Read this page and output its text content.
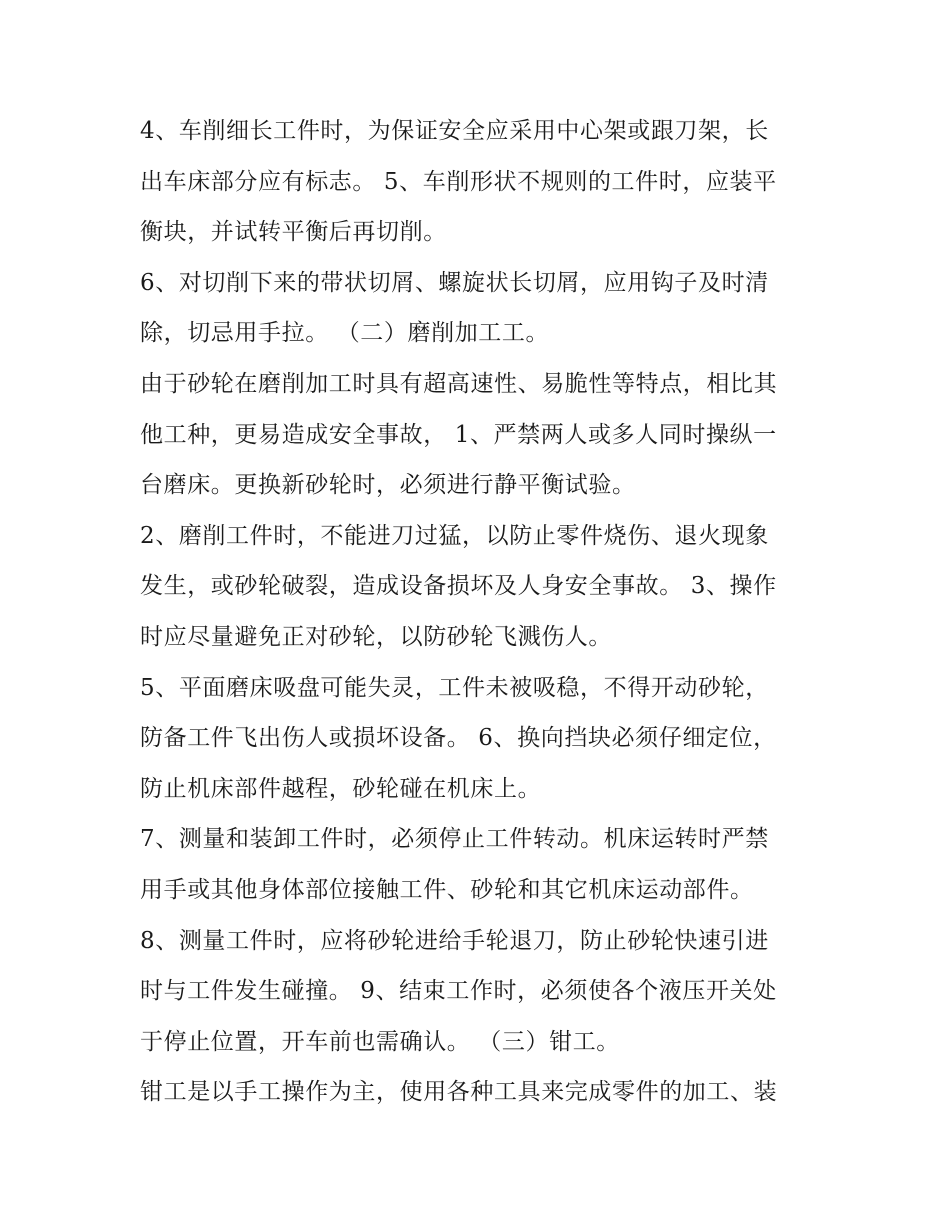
4、车削细长工件时，为保证安全应采用中心架或跟刀架，长
出车床部分应有标志。 5、车削形状不规则的工件时，应装平
衡块，并试转平衡后再切削。
6、对切削下来的带状切屑、螺旋状长切屑，应用钩子及时清
除，切忌用手拉。 （二）磨削加工工。
由于砂轮在磨削加工时具有超高速性、易脆性等特点，相比其
他工种，更易造成安全事故， 1、严禁两人或多人同时操纵一
台磨床。更换新砂轮时，必须进行静平衡试验。
2、磨削工件时，不能进刀过猛，以防止零件烧伤、退火现象
发生，或砂轮破裂，造成设备损坏及人身安全事故。 3、操作
时应尽量避免正对砂轮，以防砂轮飞溅伤人。
5、平面磨床吸盘可能失灵，工件未被吸稳，不得开动砂轮，
防备工件飞出伤人或损坏设备。 6、换向挡块必须仔细定位，
防止机床部件越程，砂轮碰在机床上。
7、测量和装卸工件时，必须停止工件转动。机床运转时严禁
用手或其他身体部位接触工件、砂轮和其它机床运动部件。
8、测量工件时，应将砂轮进给手轮退刀，防止砂轮快速引进
时与工件发生碰撞。 9、结束工作时，必须使各个液压开关处
于停止位置，开车前也需确认。 （三）钳工。
钳工是以手工操作为主，使用各种工具来完成零件的加工、装
